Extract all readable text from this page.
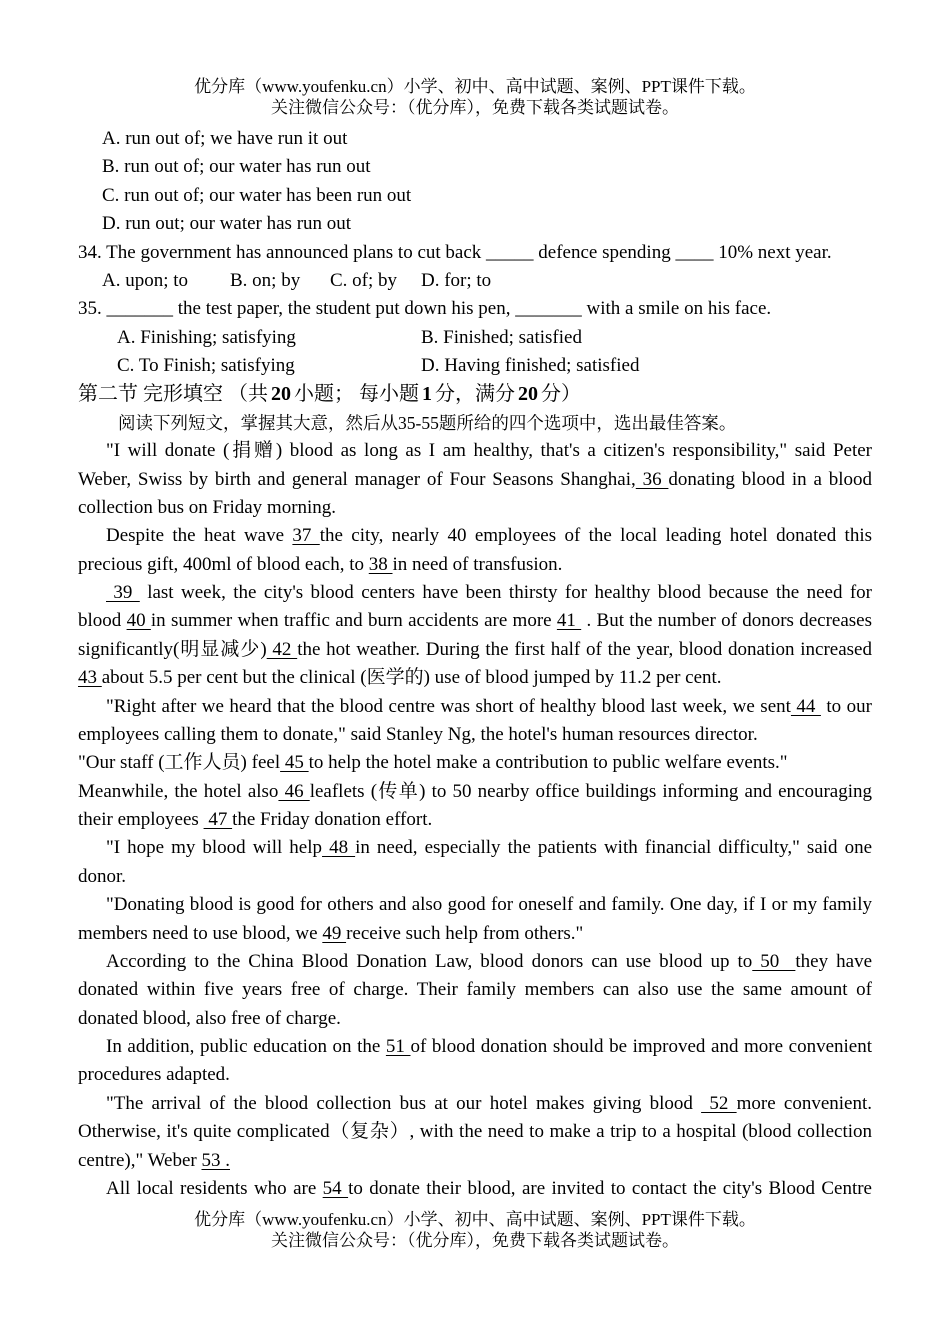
优分库（www.youfenku.cn）小学、初中、高中试题、案例、PPT课件下载。
关注微信公众号：（优分库），免费下载各类试题试卷。
A. run out of; we have run it out
B. run out of; our water has run out
C. run out of; our water has been run out
D. run out; our water has run out
34. The government has announced plans to cut back _____ defence spending ____ 10% next year.
A. upon; to B. on; by C. of; by D. for; to
35. _______ the test paper, the student put down his pen, _______ with a smile on his face.
A. Finishing; satisfying	B. Finished; satisfied
C. To Finish; satisfying	D. Having finished; satisfied
第二节 完形填空 （共 20 小题； 每小题 1 分，满分 20 分）
阅读下列短文，掌握其大意，然后从35-55题所给的四个选项中，选出最佳答案。
"I will donate (捐赠) blood as long as I am healthy, that's a citizen's responsibility," said Peter
Weber, Swiss by birth and general manager of Four Seasons Shanghai, 36 donating blood in a blood
collection bus on Friday morning.
Despite the heat wave 37 the city, nearly 40 employees of the local leading hotel donated this
precious gift, 400ml of blood each, to 38 in need of transfusion.
39  last week, the city's blood centers have been thirsty for healthy blood because the need for
blood 40 in summer when traffic and burn accidents are more 41  . But the number of donors decreases
significantly(明显减少) 42 the hot weather. During the first half of the year, blood donation increased
43 about 5.5 per cent but the clinical (医学的) use of blood jumped by 11.2 per cent.
"Right after we heard that the blood centre was short of healthy blood last week, we sent 44  to our
employees calling them to donate," said Stanley Ng, the hotel's human resources director.
"Our staff (工作人员) feel 45 to help the hotel make a contribution to public welfare events."
Meanwhile, the hotel also 46 leaflets (传单) to 50 nearby office buildings informing and encouraging
their employees  47 the Friday donation effort.
"I hope my blood will help 48 in need, especially the patients with financial difficulty," said one
donor.
"Donating blood is good for others and also good for oneself and family. One day, if I or my family
members need to use blood, we 49 receive such help from others."
According to the China Blood Donation Law, blood donors can use blood up to 50  they have
donated within five years free of charge. Their family members can also use the same amount of
donated blood, also free of charge.
In addition, public education on the 51 of blood donation should be improved and more convenient
procedures adapted.
"The arrival of the blood collection bus at our hotel makes giving blood  52 more convenient.
Otherwise, it's quite complicated（复杂）, with the need to make a trip to a hospital (blood collection
centre)," Weber 53 .
All local residents who are 54 to donate their blood, are invited to contact the city's Blood Centre
优分库（www.youfenku.cn）小学、初中、高中试题、案例、PPT课件下载。
关注微信公众号：（优分库），免费下载各类试题试卷。
